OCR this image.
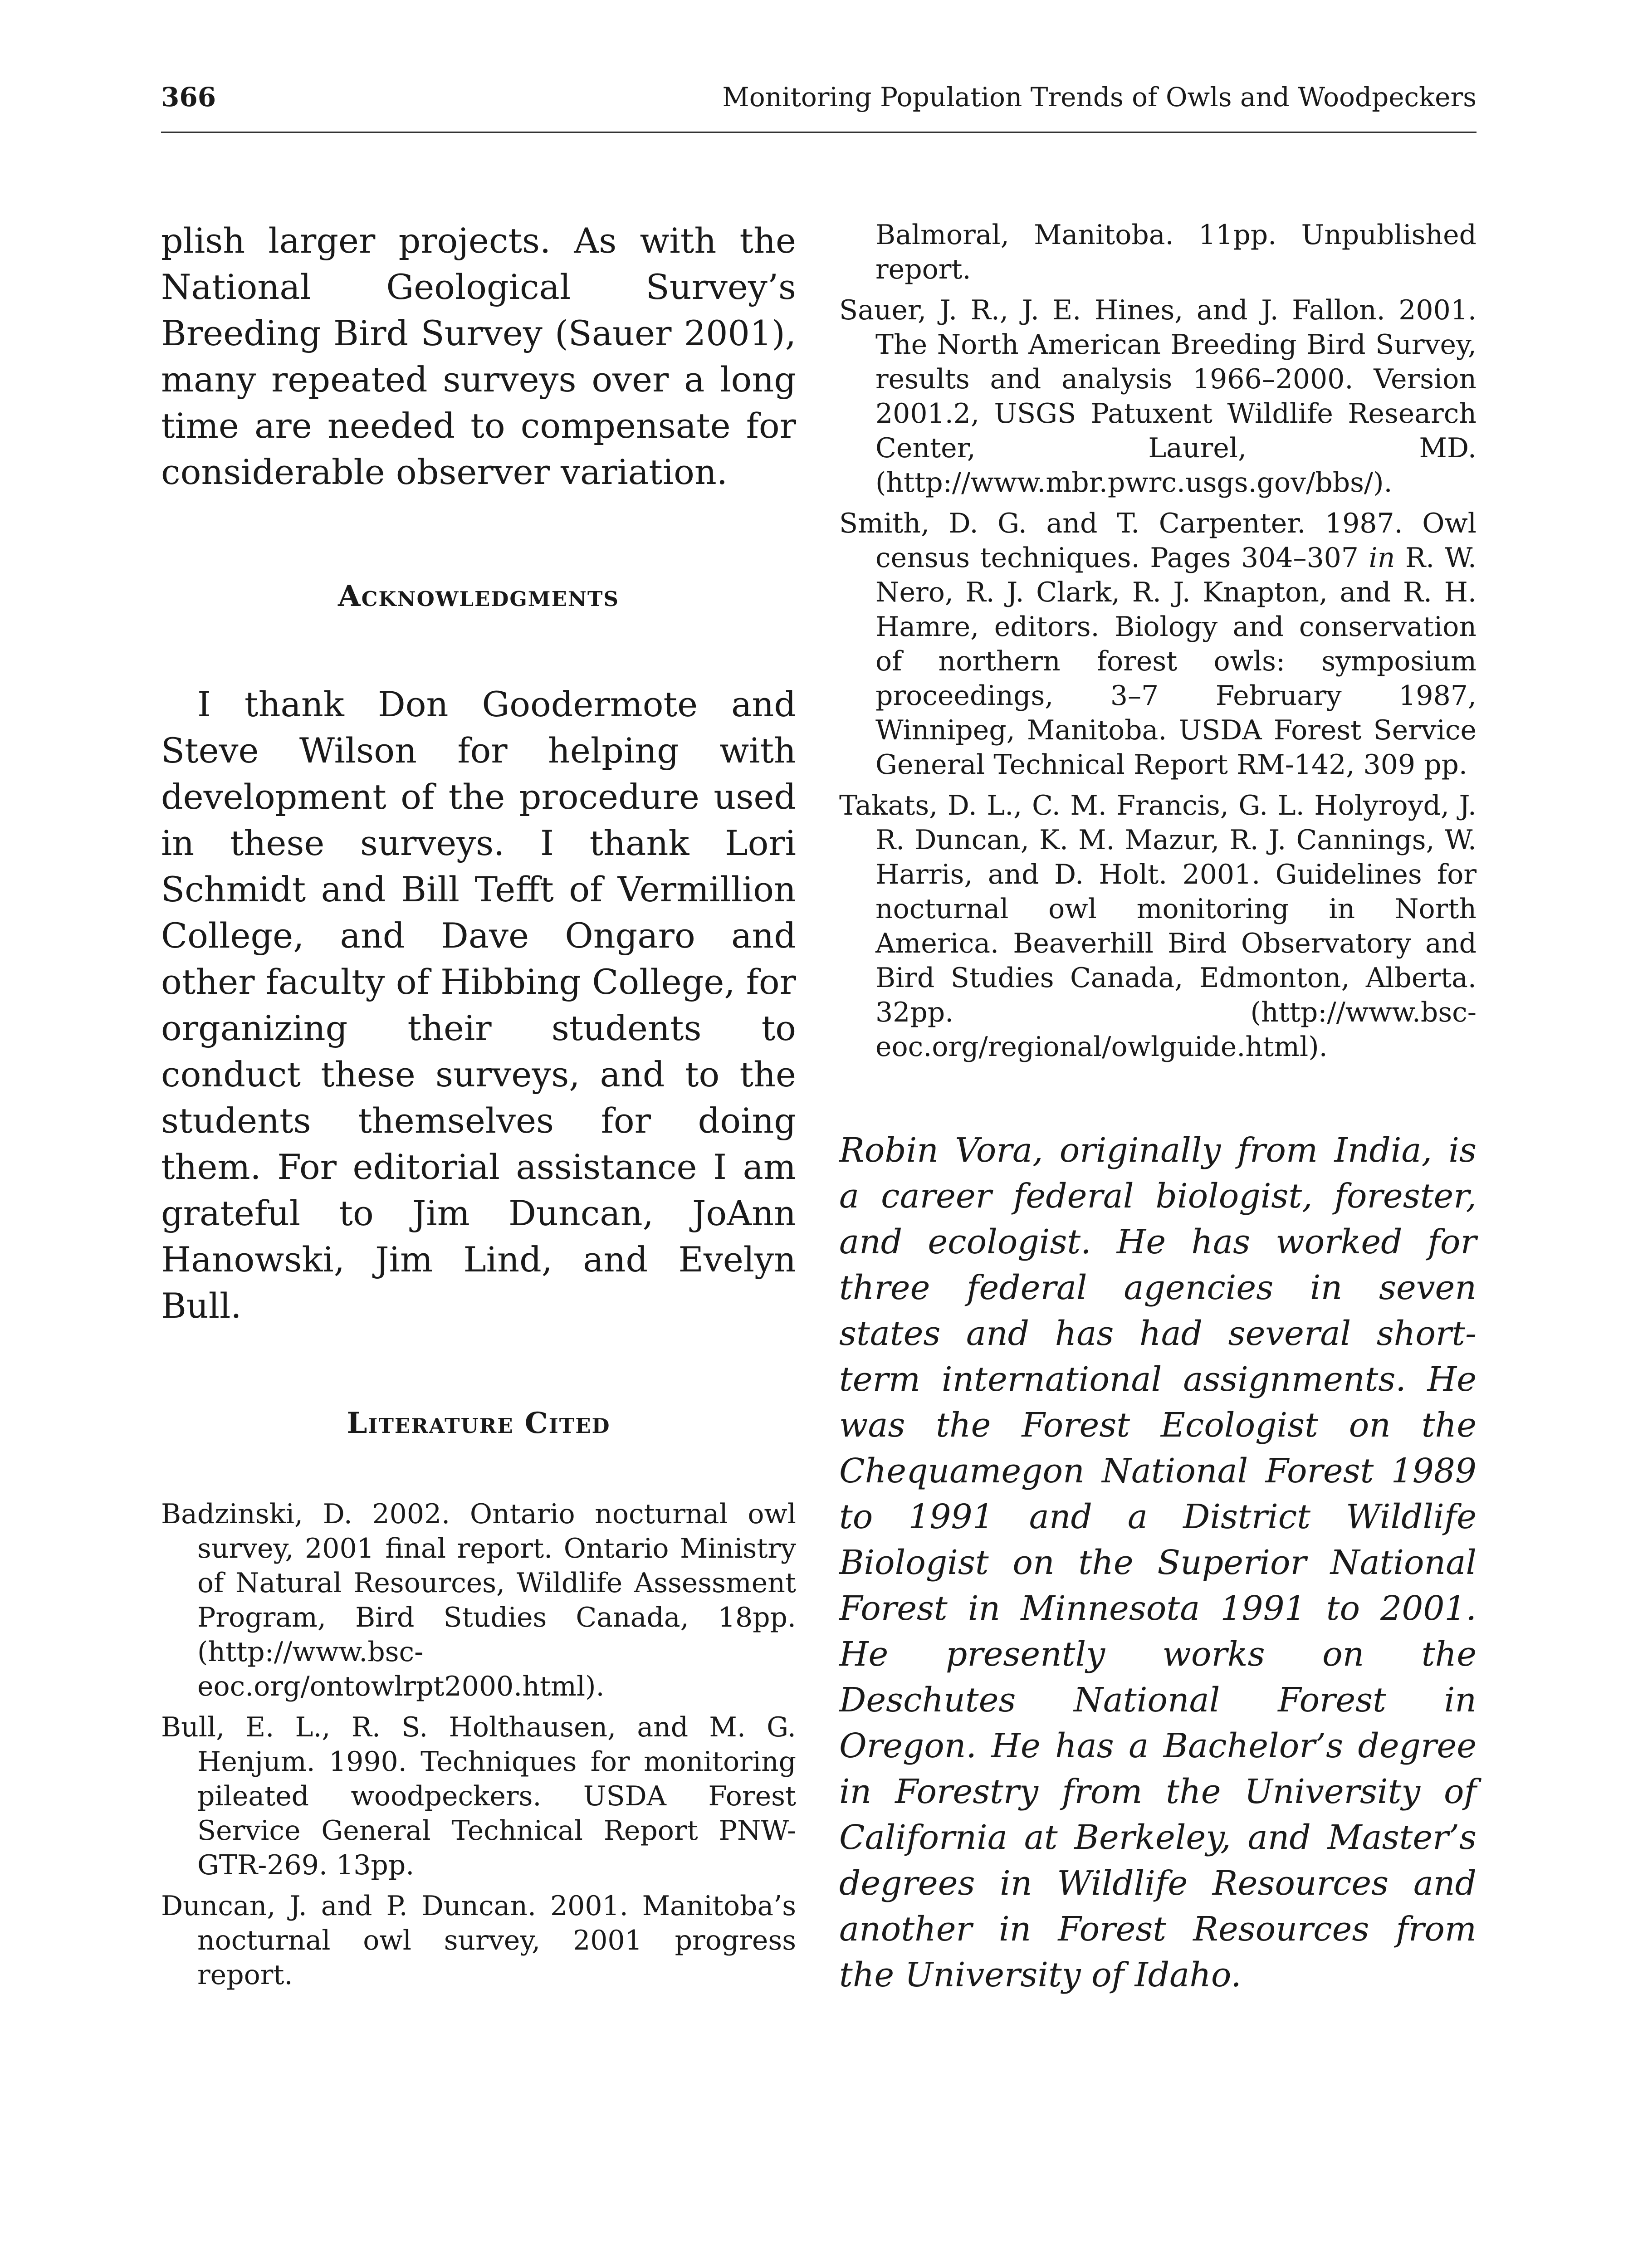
366	Monitoring Population Trends of Owls and Woodpeckers

plish larger projects. As with the National Geological Survey’s Breeding Bird Survey (Sauer 2001), many repeated surveys over a long time are needed to compensate for considerable observer variation.

Acknowledgments

I thank Don Goodermote and Steve Wilson for helping with development of the procedure used in these surveys. I thank Lori Schmidt and Bill Tefft of Vermillion College, and Dave Ongaro and other faculty of Hibbing College, for organizing their students to conduct these surveys, and to the students themselves for doing them. For editorial assistance I am grateful to Jim Duncan, JoAnn Hanowski, Jim Lind, and Evelyn Bull.

Literature Cited
Badzinski, D. 2002. Ontario nocturnal owl survey, 2001 final report. Ontario Ministry of Natural Resources, Wildlife Assessment Program, Bird Studies Canada, 18pp. (http://www.bsc-eoc.org/ontowlrpt2000.html).
Bull, E. L., R. S. Holthausen, and M. G. Henjum. 1990. Techniques for monitoring pileated woodpeckers. USDA Forest Service General Technical Report PNW-GTR-269. 13pp.
Duncan, J. and P. Duncan. 2001. Manitoba’s nocturnal owl survey, 2001 progress report.
Balmoral, Manitoba. 11pp. Unpublished report.
Sauer, J. R., J. E. Hines, and J. Fallon. 2001. The North American Breeding Bird Survey, results and analysis 1966–2000. Version 2001.2, USGS Patuxent Wildlife Research Center, Laurel, MD. (http://www.mbr.pwrc.usgs.gov/bbs/).
Smith, D. G. and T. Carpenter. 1987. Owl census techniques. Pages 304–307 in R. W. Nero, R. J. Clark, R. J. Knapton, and R. H. Hamre, editors. Biology and conservation of northern forest owls: symposium proceedings, 3–7 February 1987, Winnipeg, Manitoba. USDA Forest Service General Technical Report RM-142, 309 pp.
Takats, D. L., C. M. Francis, G. L. Holyroyd, J. R. Duncan, K. M. Mazur, R. J. Cannings, W. Harris, and D. Holt. 2001. Guidelines for nocturnal owl monitoring in North America. Beaverhill Bird Observatory and Bird Studies Canada, Edmonton, Alberta. 32pp. (http://www.bsc-eoc.org/regional/owlguide.html).

Robin Vora, originally from India, is a career federal biologist, forester, and ecologist. He has worked for three federal agencies in seven states and has had several short-term international assignments. He was the Forest Ecologist on the Chequamegon National Forest 1989 to 1991 and a District Wildlife Biologist on the Superior National Forest in Minnesota 1991 to 2001. He presently works on the Deschutes National Forest in Oregon. He has a Bachelor’s degree in Forestry from the University of California at Berkeley, and Master’s degrees in Wildlife Resources and another in Forest Resources from the University of Idaho.
